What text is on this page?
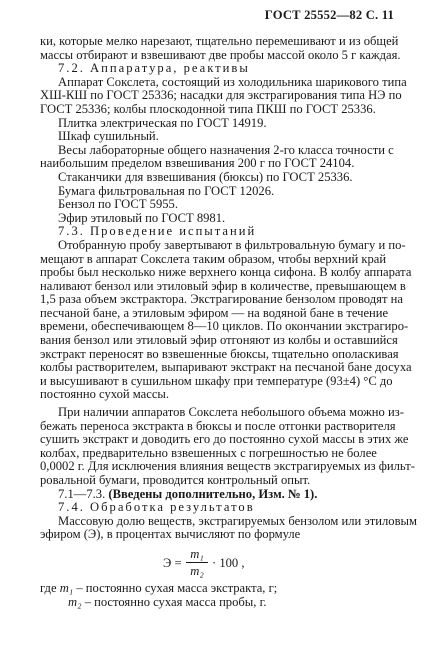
ГОСТ 25552—82 С. 11
ки, которые мелко нарезают, тщательно перемешивают и из общей
массы отбирают и взвешивают две пробы массой около 5 г каждая.
7.2. Аппаратура, реактивы
Аппарат Сокслета, состоящий из холодильника шарикового типа
ХШ-КШ по ГОСТ 25336; насадки для экстрагирования типа НЭ по
ГОСТ 25336; колбы плоскодонной типа ПКШ по ГОСТ 25336.
Плитка электрическая по ГОСТ 14919.
Шкаф сушильный.
Весы лабораторные общего назначения 2-го класса точности с
наибольшим пределом взвешивания 200 г по ГОСТ 24104.
Стаканчики для взвешивания (бюксы) по ГОСТ 25336.
Бумага фильтровальная по ГОСТ 12026.
Бензол по ГОСТ 5955.
Эфир этиловый по ГОСТ 8981.
7.3. Проведение испытаний
Отобранную пробу завертывают в фильтровальную бумагу и по-
мещают в аппарат Сокслета таким образом, чтобы верхний край
пробы был несколько ниже верхнего конца сифона. В колбу аппарата
наливают бензол или этиловый эфир в количестве, превышающем в
1,5 раза объем экстрактора. Экстрагирование бензолом проводят на
песчаной бане, а этиловым эфиром — на водяной бане в течение
времени, обеспечивающем 8—10 циклов. По окончании экстрагиро-
вания бензол или этиловый эфир отгоняют из колбы и оставшийся
экстракт переносят во взвешенные бюксы, тщательно ополаскивая
колбы растворителем, выпаривают экстракт на песчаной бане досуха
и высушивают в сушильном шкафу при температуре (93±4) °С до
постоянно сухой массы.
При наличии аппаратов Сокслета небольшого объема можно из-
бежать переноса экстракта в бюксы и после отгонки растворителя
сушить экстракт и доводить его до постоянно сухой массы в этих же
колбах, предварительно взвешенных с погрешностью не более
0,0002 г. Для исключения влияния веществ экстрагируемых из фильт-
ровальной бумаги, проводится контрольный опыт.
7.1—7.3. (Введены дополнительно, Изм. № 1).
7.4. Обработка результатов
Массовую долю веществ, экстрагируемых бензолом или этиловым
эфиром (Э), в процентах вычисляют по формуле
Э =
m₁
m₂
· 100 ,
где m₁ – постоянно сухая масса экстракта, г;
m₂ – постоянно сухая масса пробы, г.
